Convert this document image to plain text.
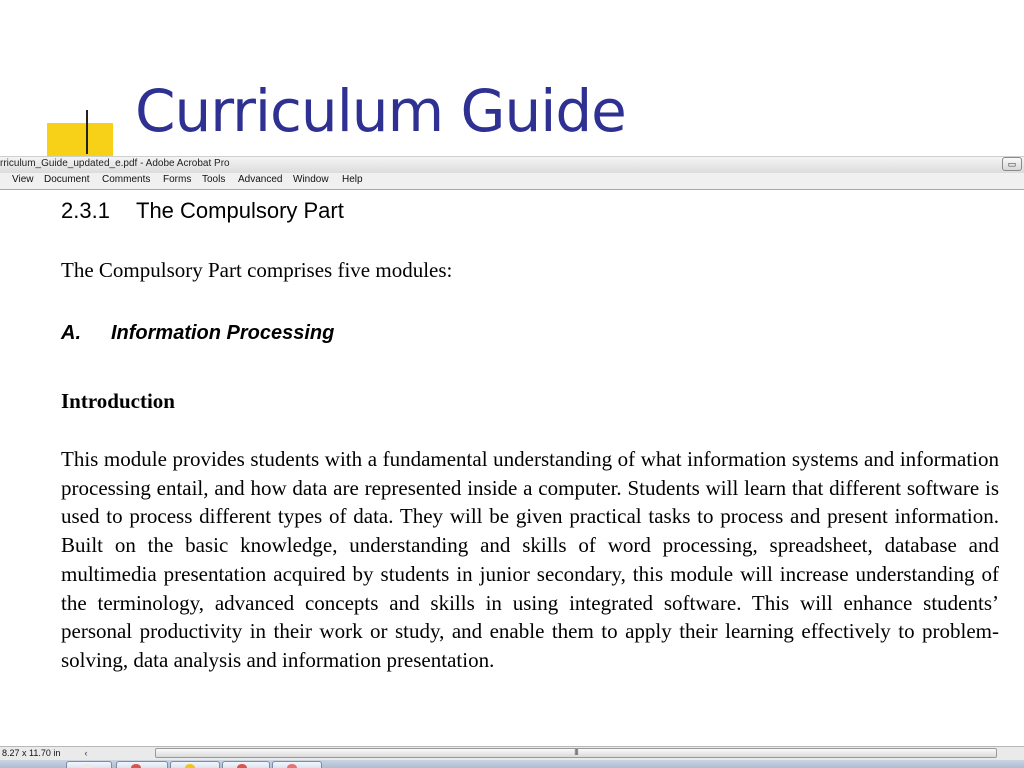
Curriculum Guide
rriculum_Guide_updated_e.pdf - Adobe Acrobat Pro	▭
View Document Comments Forms Tools Advanced Window Help
2.3.1 The Compulsory Part
The Compulsory Part comprises five modules:
A. Information Processing
Introduction

This module provides students with a fundamental understanding of what information systems and information processing entail, and how data are represented inside a computer. Students will learn that different software is used to process different types of data. They will be given practical tasks to process and present information. Built on the basic knowledge, understanding and skills of word processing, spreadsheet, database and multimedia presentation acquired by students in junior secondary, this module will increase understanding of the terminology, advanced concepts and skills in using integrated software. This will enhance students’ personal productivity in their work or study, and enable them to apply their learning effectively to problem-solving, data analysis and information presentation.

8.27 x 11.70 in	‹	III
